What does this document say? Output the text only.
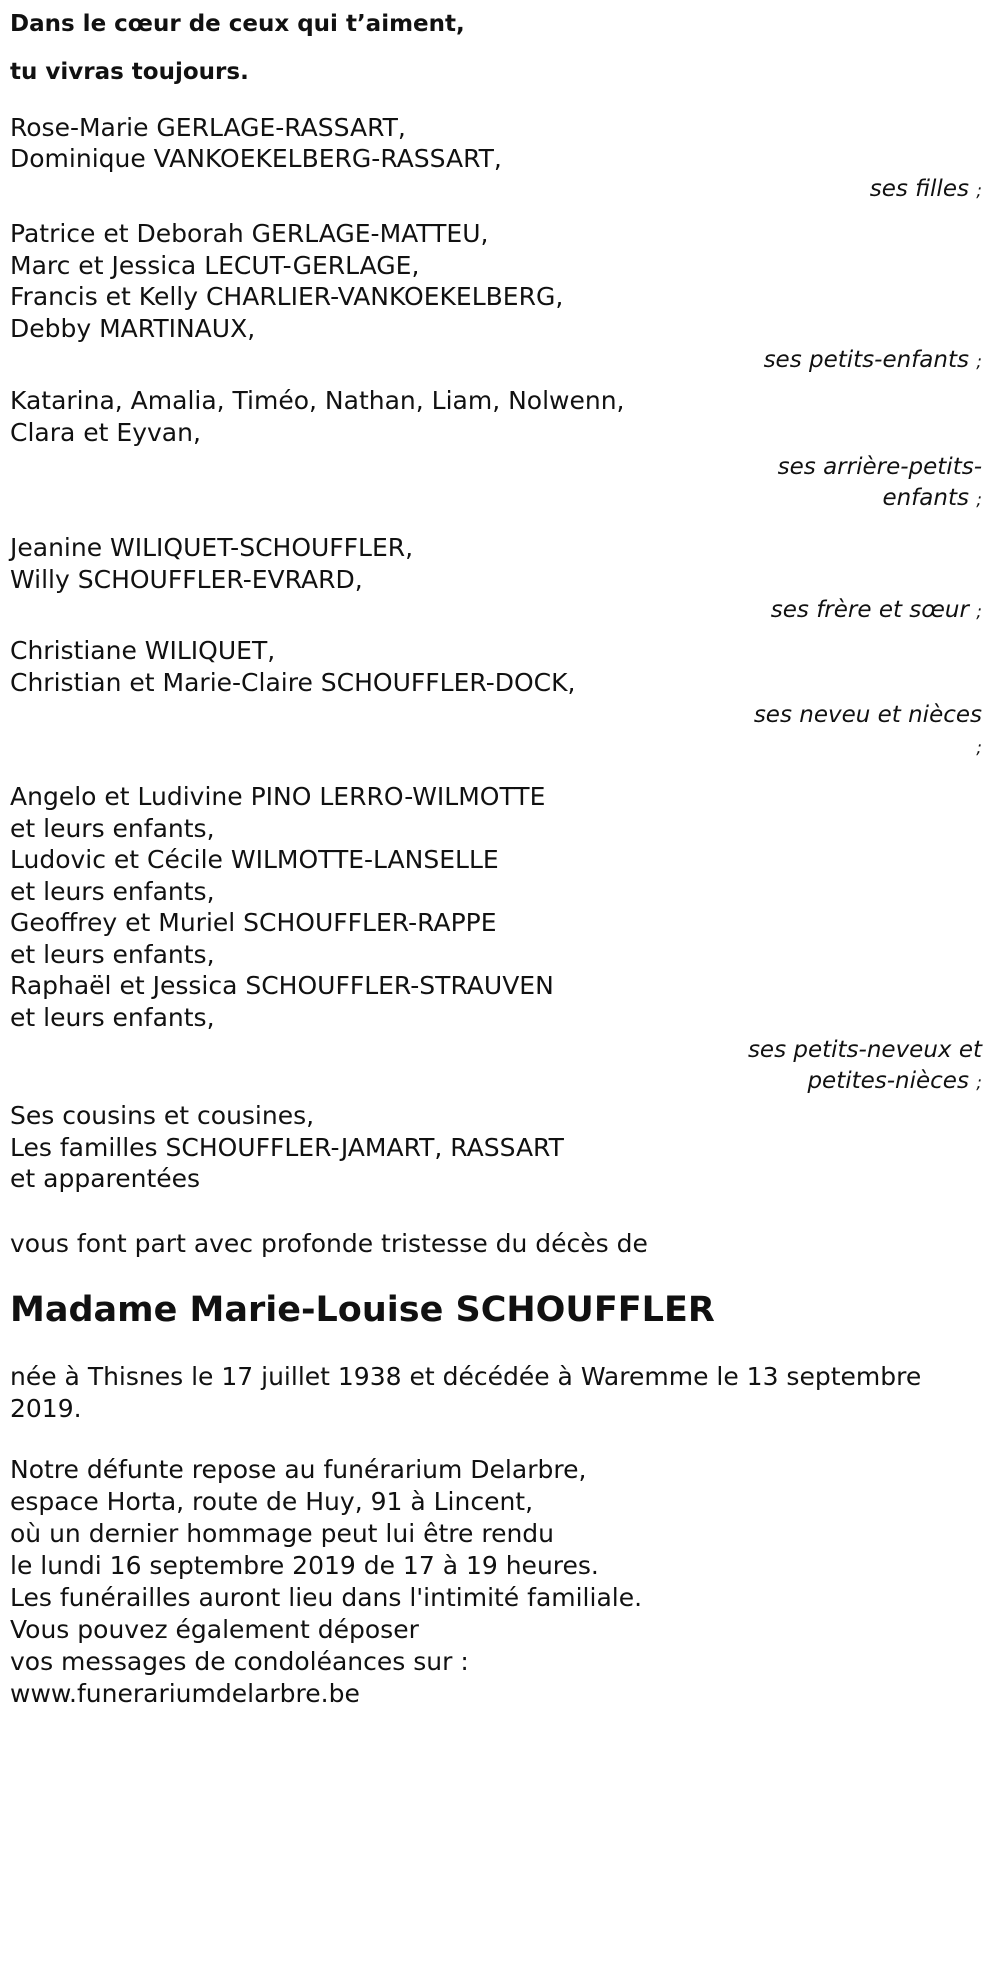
Dans le cœur de ceux qui t’aiment,
tu vivras toujours.
Rose-Marie GERLAGE-RASSART,
Dominique VANKOEKELBERG-RASSART,
ses filles ;
Patrice et Deborah GERLAGE-MATTEU,
Marc et Jessica LECUT-GERLAGE,
Francis et Kelly CHARLIER-VANKOEKELBERG,
Debby MARTINAUX,
ses petits-enfants ;
Katarina, Amalia, Timéo, Nathan, Liam, Nolwenn,
Clara et Eyvan,
ses arrière-petits-
enfants ;
Jeanine WILIQUET-SCHOUFFLER,
Willy SCHOUFFLER-EVRARD,
ses frère et sœur ;
Christiane WILIQUET,
Christian et Marie-Claire SCHOUFFLER-DOCK,
ses neveu et nièces
;
Angelo et Ludivine PINO LERRO-WILMOTTE
et leurs enfants,
Ludovic et Cécile WILMOTTE-LANSELLE
et leurs enfants,
Geoffrey et Muriel SCHOUFFLER-RAPPE
et leurs enfants,
Raphaël et Jessica SCHOUFFLER-STRAUVEN
et leurs enfants,
ses petits-neveux et
petites-nièces ;
Ses cousins et cousines,
Les familles SCHOUFFLER-JAMART, RASSART
et apparentées
vous font part avec profonde tristesse du décès de
Madame Marie-Louise SCHOUFFLER
née à Thisnes le 17 juillet 1938 et décédée à Waremme le 13 septembre
2019.
Notre défunte repose au funérarium Delarbre,
espace Horta, route de Huy, 91 à Lincent,
où un dernier hommage peut lui être rendu
le lundi 16 septembre 2019 de 17 à 19 heures.
Les funérailles auront lieu dans l'intimité familiale.
Vous pouvez également déposer
vos messages de condoléances sur :
www.funerariumdelarbre.be
